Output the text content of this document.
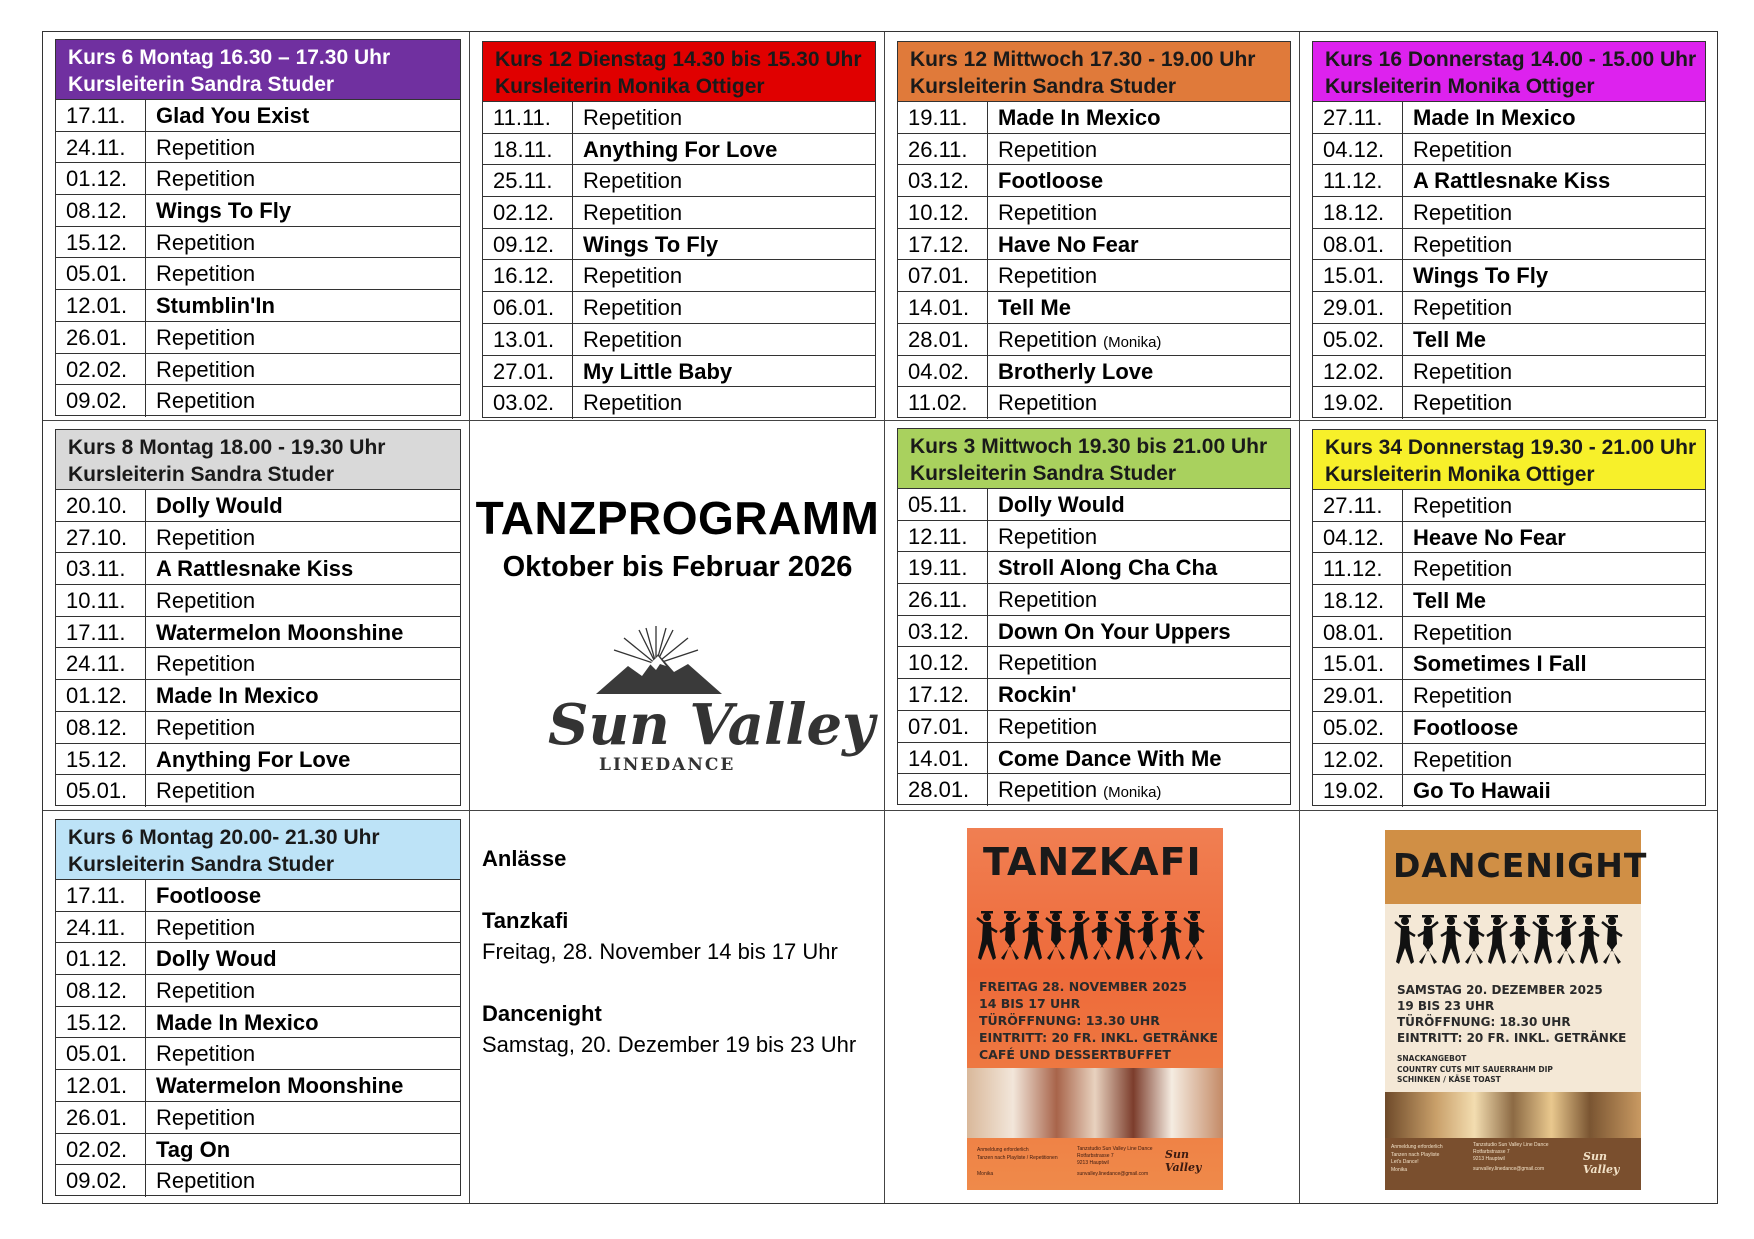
Kurs 6 Montag 16.30 – 17.30 Uhr
Kursleiterin Sandra Studer
17.11.	Glad You Exist
24.11.	Repetition
01.12.	Repetition
08.12.	Wings To Fly
15.12.	Repetition
05.01.	Repetition
12.01.	Stumblin'In
26.01.	Repetition
02.02.	Repetition
09.02.	Repetition
Kurs 12 Dienstag 14.30 bis 15.30 Uhr
Kursleiterin Monika Ottiger
11.11.	Repetition
18.11.	Anything For Love
25.11.	Repetition
02.12.	Repetition
09.12.	Wings To Fly
16.12.	Repetition
06.01.	Repetition
13.01.	Repetition
27.01.	My Little Baby
03.02.	Repetition
Kurs 12 Mittwoch 17.30 - 19.00 Uhr
Kursleiterin Sandra Studer
19.11.	Made In Mexico
26.11.	Repetition
03.12.	Footloose
10.12.	Repetition
17.12.	Have No Fear
07.01.	Repetition
14.01.	Tell Me
28.01.	Repetition (Monika)
04.02.	Brotherly Love
11.02.	Repetition
Kurs 16 Donnerstag 14.00 - 15.00 Uhr
Kursleiterin Monika Ottiger
27.11.	Made In Mexico
04.12.	Repetition
11.12.	A Rattlesnake Kiss
18.12.	Repetition
08.01.	Repetition
15.01.	Wings To Fly
29.01.	Repetition
05.02.	Tell Me
12.02.	Repetition
19.02.	Repetition
Kurs 8 Montag 18.00 - 19.30 Uhr
Kursleiterin Sandra Studer
20.10.	Dolly Would
27.10.	Repetition
03.11.	A Rattlesnake Kiss
10.11.	Repetition
17.11.	Watermelon Moonshine
24.11.	Repetition
01.12.	Made In Mexico
08.12.	Repetition
15.12.	Anything For Love
05.01.	Repetition
Kurs 3 Mittwoch 19.30 bis 21.00 Uhr
Kursleiterin Sandra Studer
05.11.	Dolly Would
12.11.	Repetition
19.11.	Stroll Along Cha Cha
26.11.	Repetition
03.12.	Down On Your Uppers
10.12.	Repetition
17.12.	Rockin'
07.01.	Repetition
14.01.	Come Dance With Me
28.01.	Repetition (Monika)
Kurs 34 Donnerstag 19.30 - 21.00 Uhr
Kursleiterin Monika Ottiger
27.11.	Repetition
04.12.	Heave No Fear
11.12.	Repetition
18.12.	Tell Me
08.01.	Repetition
15.01.	Sometimes I Fall
29.01.	Repetition
05.02.	Footloose
12.02.	Repetition
19.02.	Go To Hawaii
Kurs 6 Montag 20.00- 21.30 Uhr
Kursleiterin Sandra Studer
17.11.	Footloose
24.11.	Repetition
01.12.	Dolly Woud
08.12.	Repetition
15.12.	Made In Mexico
05.01.	Repetition
12.01.	Watermelon Moonshine
26.01.	Repetition
02.02.	Tag On
09.02.	Repetition
TANZPROGRAMM
Oktober bis Februar 2026
Sun Valley
LINEDANCE
Anlässe
Tanzkafi
Freitag, 28. November 14 bis 17 Uhr
Dancenight
Samstag, 20. Dezember 19 bis 23 Uhr
TANZKAFI
FREITAG 28. NOVEMBER 2025
14 BIS 17 UHR
TÜRÖFFNUNG: 13.30 UHR
EINTRITT: 20 FR. INKL. GETRÄNKE
CAFÉ UND DESSERTBUFFET
Anmeldung erforderlich
Tanzen nach Playliste / Repetitionen
Monika
Tanzstudio Sun Valley Line Dance
Rotfarbstrasse 7
9213 Hauptwil
sunvalley.linedance@gmail.com
Sun Valley
DANCENIGHT
SAMSTAG 20. DEZEMBER 2025
19 BIS 23 UHR
TÜRÖFFNUNG: 18.30 UHR
EINTRITT: 20 FR. INKL. GETRÄNKE
SNACKANGEBOT
COUNTRY CUTS MIT SAUERRAHM DIP
SCHINKEN / KÄSE TOAST
Anmeldung erforderlich
Tanzen nach Playliste
Let's Dance!
Monika
Tanzstudio Sun Valley Line Dance
Rotfarbstrasse 7
9213 Hauptwil
sunvalley.linedance@gmail.com
Sun Valley
